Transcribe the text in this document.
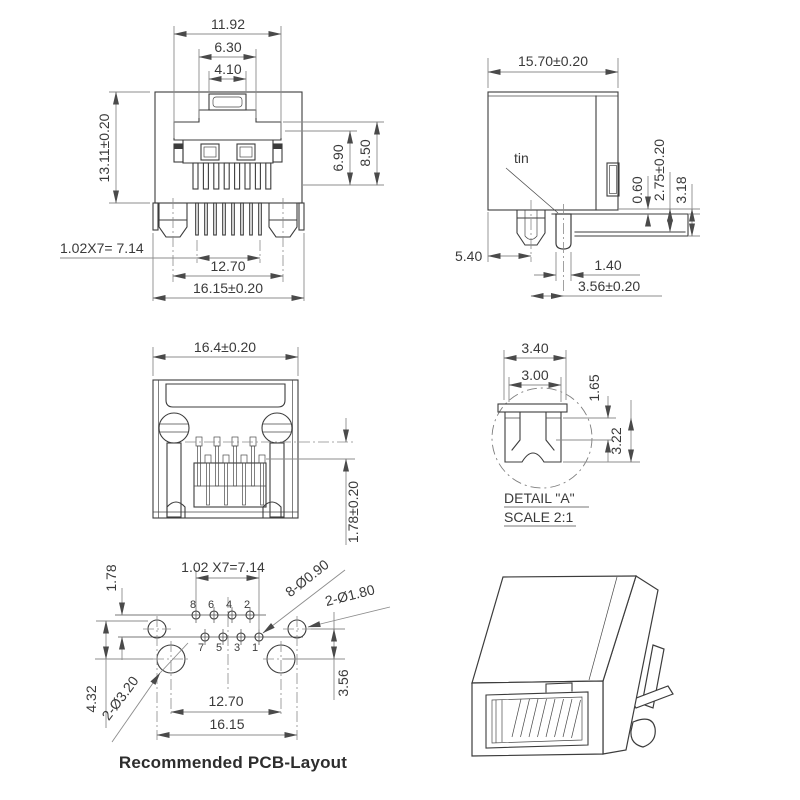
11.92
6.30
4.10
13.11±0.20	6.90 8.50
1.02X7= 7.14
12.70
16.15±0.20
tin
15.70±0.20
0.60 2.75±0.20 3.18
5.40
1.40
3.56±0.20
16.4±0.20
1.78±0.20
3.40
3.00	1.65
3.22
DETAIL "A"
SCALE 2:1
8 6 4 2
7 5 3 1
1.02 X7=7.14
1.78
4.32
3.56
12.70
16.15
8-Ø0.90
2-Ø1.80
2-Ø3.20
Recommended PCB-Layout
